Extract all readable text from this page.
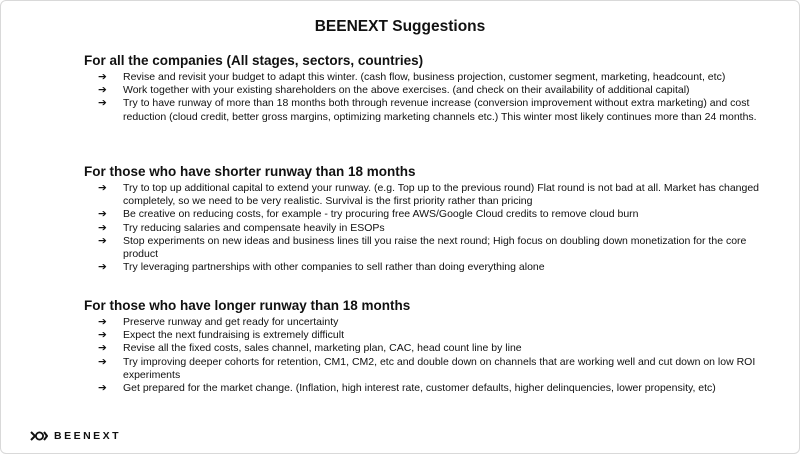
BEENEXT Suggestions
For all the companies (All stages, sectors, countries)
➔ Revise and revisit your budget to adapt this winter. (cash flow, business projection, customer segment, marketing, headcount, etc)
➔ Work together with your existing shareholders on the above exercises. (and check on their availability of additional capital)
➔ Try to have runway of more than 18 months both through revenue increase (conversion improvement without extra marketing) and cost reduction (cloud credit, better gross margins, optimizing marketing channels etc.) This winter most likely continues more than 24 months.
For those who have shorter runway than 18 months
➔ Try to top up additional capital to extend your runway. (e.g. Top up to the previous round) Flat round is not bad at all. Market has changed completely, so we need to be very realistic. Survival is the first priority rather than pricing
➔ Be creative on reducing costs, for example - try procuring free AWS/Google Cloud credits to remove cloud burn
➔ Try reducing salaries and compensate heavily in ESOPs
➔ Stop experiments on new ideas and business lines till you raise the next round; High focus on doubling down monetization for the core product
➔ Try leveraging partnerships with other companies to sell rather than doing everything alone
For those who have longer runway than 18 months
➔ Preserve runway and get ready for uncertainty
➔ Expect the next fundraising is extremely difficult
➔ Revise all the fixed costs, sales channel, marketing plan, CAC, head count line by line
➔ Try improving deeper cohorts for retention, CM1, CM2, etc and double down on channels that are working well and cut down on low ROI experiments
➔ Get prepared for the market change. (Inflation, high interest rate, customer defaults, higher delinquencies, lower propensity, etc)
BEENEXT
